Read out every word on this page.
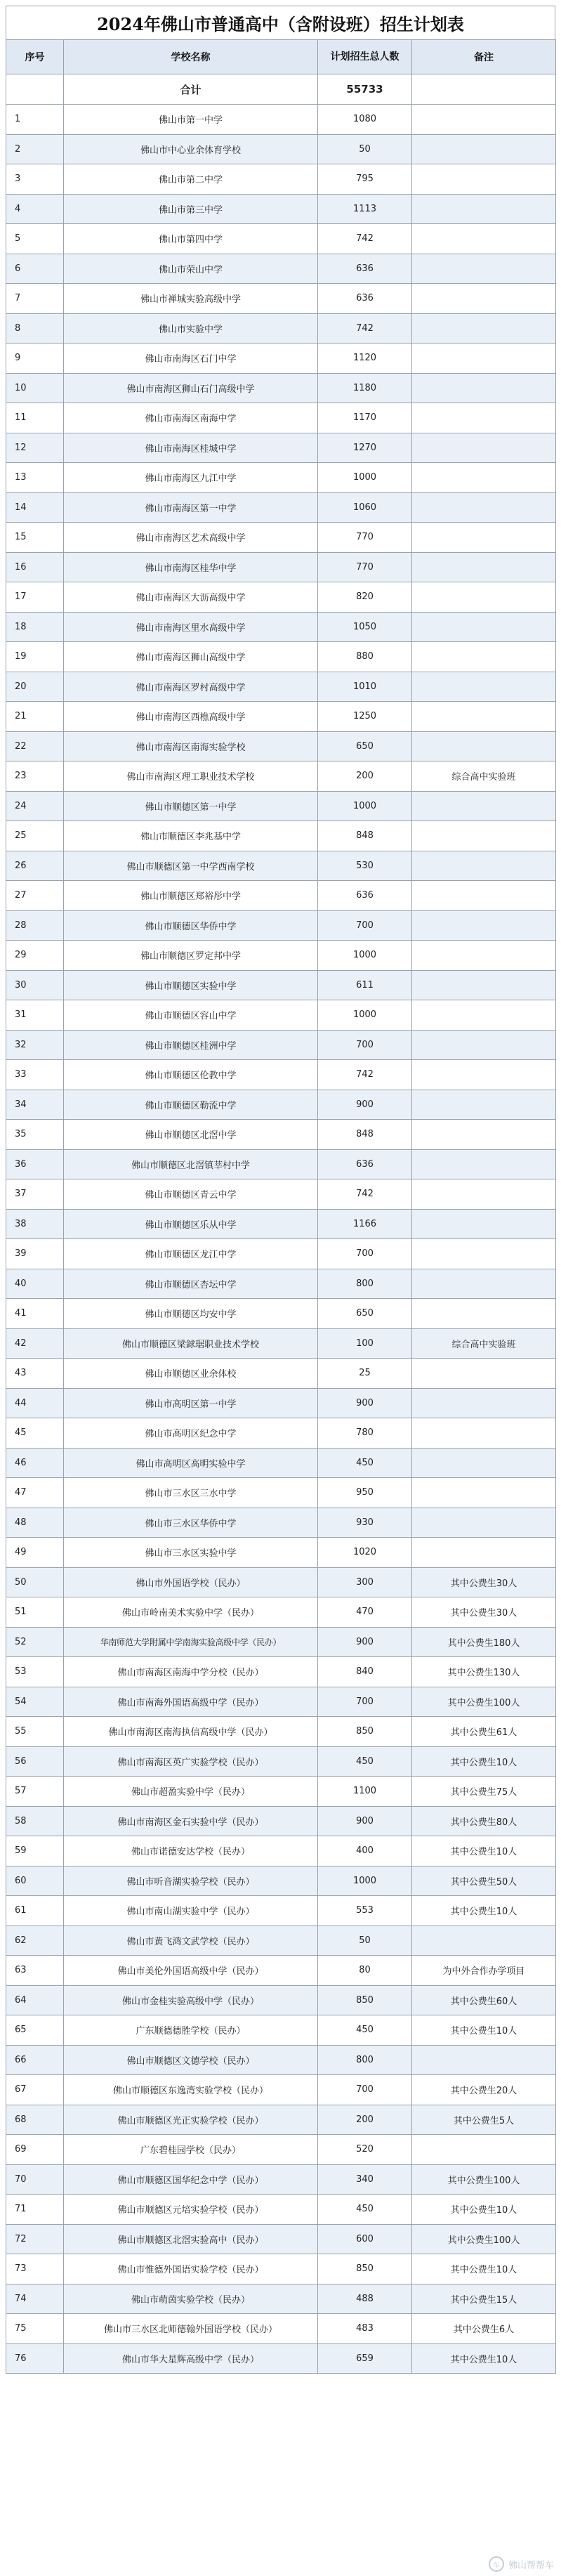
2024年佛山市普通高中（含附设班）招生计划表
序号	学校名称	计划招生总人数	备注
	合计	55733	
1	佛山市第一中学	1080	
2	佛山市中心业余体育学校	50	
3	佛山市第二中学	795	
4	佛山市第三中学	1113	
5	佛山市第四中学	742	
6	佛山市荣山中学	636	
7	佛山市禅城实验高级中学	636	
8	佛山市实验中学	742	
9	佛山市南海区石门中学	1120	
10	佛山市南海区狮山石门高级中学	1180	
11	佛山市南海区南海中学	1170	
12	佛山市南海区桂城中学	1270	
13	佛山市南海区九江中学	1000	
14	佛山市南海区第一中学	1060	
15	佛山市南海区艺术高级中学	770	
16	佛山市南海区桂华中学	770	
17	佛山市南海区大沥高级中学	820	
18	佛山市南海区里水高级中学	1050	
19	佛山市南海区狮山高级中学	880	
20	佛山市南海区罗村高级中学	1010	
21	佛山市南海区西樵高级中学	1250	
22	佛山市南海区南海实验学校	650	
23	佛山市南海区理工职业技术学校	200	综合高中实验班
24	佛山市顺德区第一中学	1000	
25	佛山市顺德区李兆基中学	848	
26	佛山市顺德区第一中学西南学校	530	
27	佛山市顺德区郑裕彤中学	636	
28	佛山市顺德区华侨中学	700	
29	佛山市顺德区罗定邦中学	1000	
30	佛山市顺德区实验中学	611	
31	佛山市顺德区容山中学	1000	
32	佛山市顺德区桂洲中学	700	
33	佛山市顺德区伦教中学	742	
34	佛山市顺德区勒流中学	900	
35	佛山市顺德区北滘中学	848	
36	佛山市顺德区北滘镇莘村中学	636	
37	佛山市顺德区青云中学	742	
38	佛山市顺德区乐从中学	1166	
39	佛山市顺德区龙江中学	700	
40	佛山市顺德区杏坛中学	800	
41	佛山市顺德区均安中学	650	
42	佛山市顺德区梁銶琚职业技术学校	100	综合高中实验班
43	佛山市顺德区业余体校	25	
44	佛山市高明区第一中学	900	
45	佛山市高明区纪念中学	780	
46	佛山市高明区高明实验中学	450	
47	佛山市三水区三水中学	950	
48	佛山市三水区华侨中学	930	
49	佛山市三水区实验中学	1020	
50	佛山市外国语学校（民办）	300	其中公费生30人
51	佛山市岭南美术实验中学（民办）	470	其中公费生30人
52	华南师范大学附属中学南海实验高级中学（民办）	900	其中公费生180人
53	佛山市南海区南海中学分校（民办）	840	其中公费生130人
54	佛山市南海外国语高级中学（民办）	700	其中公费生100人
55	佛山市南海区南海执信高级中学（民办）	850	其中公费生61人
56	佛山市南海区英广实验学校（民办）	450	其中公费生10人
57	佛山市超盈实验中学（民办）	1100	其中公费生75人
58	佛山市南海区金石实验中学（民办）	900	其中公费生80人
59	佛山市诺德安达学校（民办）	400	其中公费生10人
60	佛山市听音湖实验学校（民办）	1000	其中公费生50人
61	佛山市南山湖实验中学（民办）	553	其中公费生10人
62	佛山市黄飞鸿文武学校（民办）	50	
63	佛山市美伦外国语高级中学（民办）	80	为中外合作办学项目
64	佛山市金桂实验高级中学（民办）	850	其中公费生60人
65	广东顺德德胜学校（民办）	450	其中公费生10人
66	佛山市顺德区文德学校（民办）	800	
67	佛山市顺德区东逸湾实验学校（民办）	700	其中公费生20人
68	佛山市顺德区光正实验学校（民办）	200	其中公费生5人
69	广东碧桂园学校（民办）	520	
70	佛山市顺德区国华纪念中学（民办）	340	其中公费生100人
71	佛山市顺德区元培实验学校（民办）	450	其中公费生10人
72	佛山市顺德区北滘实验高中（民办）	600	其中公费生100人
73	佛山市惟德外国语实验学校（民办）	850	其中公费生10人
74	佛山市萌茵实验学校（民办）	488	其中公费生15人
75	佛山市三水区北师德翰外国语学校（民办）	483	其中公费生6人
76	佛山市华大星辉高级中学（民办）	659	其中公费生10人
车 佛山帮帮车
